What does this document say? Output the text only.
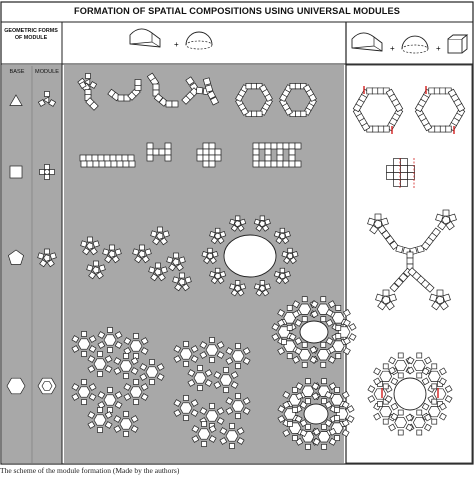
+	+	+
FORMATION OF SPATIAL COMPOSITIONS USING UNIVERSAL MODULES
GEOMETRIC FORMS OF MODULE
BASE	MODULE
The scheme of the module formation (Made by the authors)
